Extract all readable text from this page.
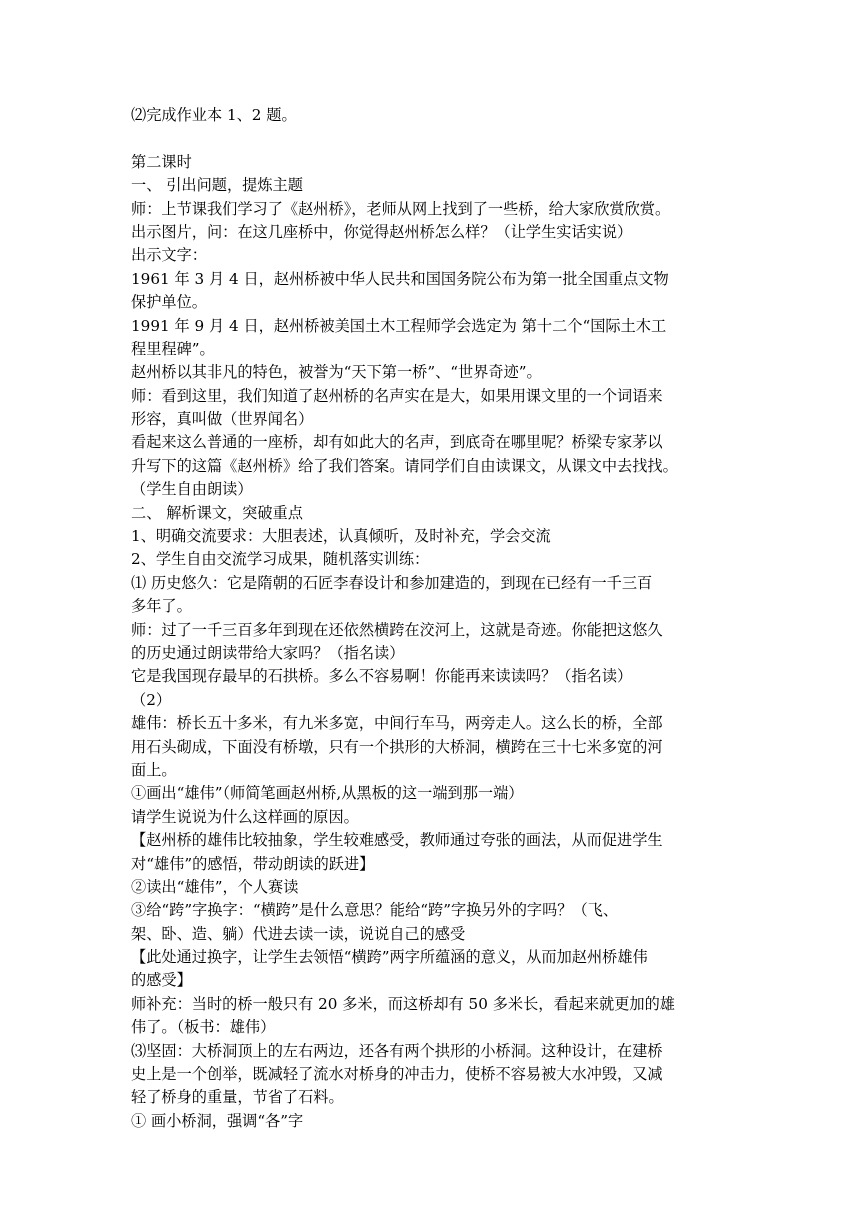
⑵完成作业本 1、2 题。
第二课时
一、 引出问题，提炼主题
师：上节课我们学习了《赵州桥》，老师从网上找到了一些桥，给大家欣赏欣赏。
出示图片，问：在这几座桥中，你觉得赵州桥怎么样？（让学生实话实说）
出示文字：
1961 年 3 月 4 日，赵州桥被中华人民共和国国务院公布为第一批全国重点文物
保护单位。
1991 年 9 月 4 日，赵州桥被美国土木工程师学会选定为 第十二个“国际土木工
程里程碑”。
赵州桥以其非凡的特色，被誉为“天下第一桥”、“世界奇迹”。
师：看到这里，我们知道了赵州桥的名声实在是大，如果用课文里的一个词语来
形容，真叫做（世界闻名）
看起来这么普通的一座桥，却有如此大的名声，到底奇在哪里呢？桥梁专家茅以
升写下的这篇《赵州桥》给了我们答案。请同学们自由读课文，从课文中去找找。
（学生自由朗读）
二、 解析课文，突破重点
1、明确交流要求：大胆表述，认真倾听，及时补充，学会交流
2、学生自由交流学习成果，随机落实训练：
⑴ 历史悠久：它是隋朝的石匠李春设计和参加建造的，到现在已经有一千三百
多年了。
师：过了一千三百多年到现在还依然横跨在洨河上，这就是奇迹。你能把这悠久
的历史通过朗读带给大家吗？（指名读）
它是我国现存最早的石拱桥。多么不容易啊！你能再来读读吗？（指名读）
（2）
雄伟：桥长五十多米，有九米多宽，中间行车马，两旁走人。这么长的桥，全部
用石头砌成，下面没有桥墩，只有一个拱形的大桥洞，横跨在三十七米多宽的河
面上。
①画出“雄伟”（师简笔画赵州桥,从黑板的这一端到那一端）
请学生说说为什么这样画的原因。
【赵州桥的雄伟比较抽象，学生较难感受，教师通过夸张的画法，从而促进学生
对“雄伟”的感悟，带动朗读的跃进】
②读出“雄伟”，个人赛读
③给“跨”字换字：“横跨”是什么意思？能给“跨”字换另外的字吗？（飞、
架、卧、造、躺）代进去读一读，说说自己的感受
【此处通过换字，让学生去领悟“横跨”两字所蕴涵的意义，从而加赵州桥雄伟
的感受】
师补充：当时的桥一般只有 20 多米，而这桥却有 50 多米长，看起来就更加的雄
伟了。（板书：雄伟）
⑶坚固：大桥洞顶上的左右两边，还各有两个拱形的小桥洞。这种设计，在建桥
史上是一个创举，既减轻了流水对桥身的冲击力，使桥不容易被大水冲毁，又减
轻了桥身的重量，节省了石料。
① 画小桥洞，强调“各”字
